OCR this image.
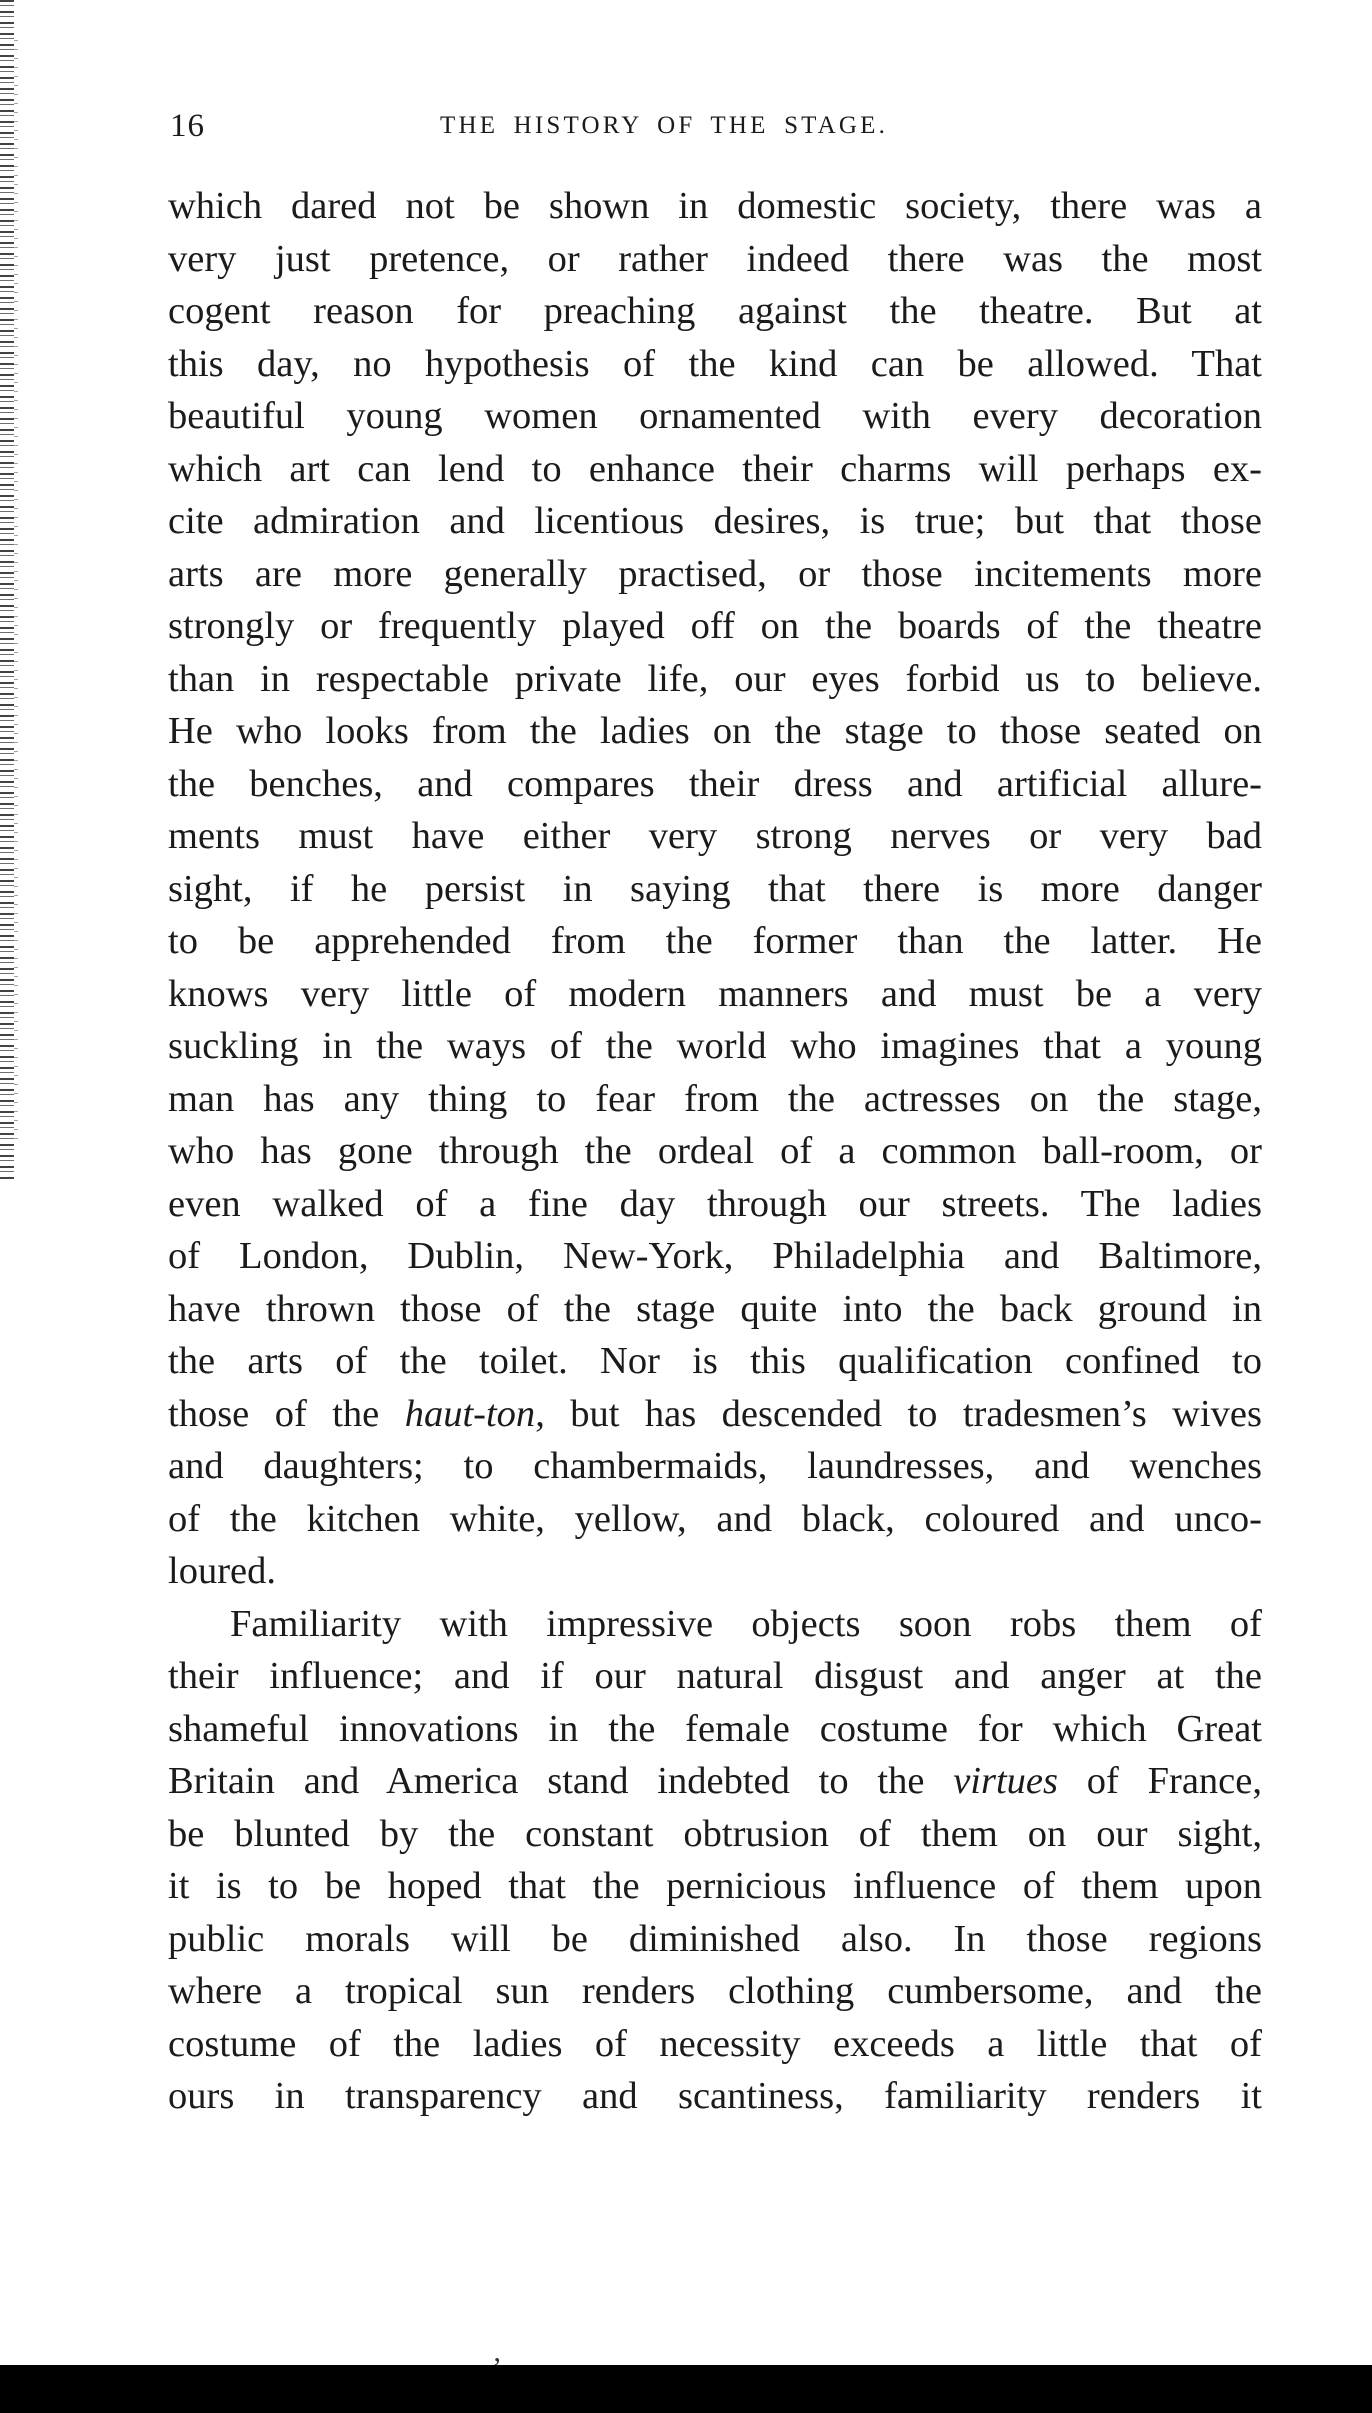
16	THE HISTORY OF THE STAGE.
which dared not be shown in domestic society, there was a
very just pretence, or rather indeed there was the most
cogent reason for preaching against the theatre. But at
this day, no hypothesis of the kind can be allowed. That
beautiful young women ornamented with every decoration
which art can lend to enhance their charms will perhaps ex-
cite admiration and licentious desires, is true; but that those
arts are more generally practised, or those incitements more
strongly or frequently played off on the boards of the theatre
than in respectable private life, our eyes forbid us to believe.
He who looks from the ladies on the stage to those seated on
the benches, and compares their dress and artificial allure-
ments must have either very strong nerves or very bad
sight, if he persist in saying that there is more danger
to be apprehended from the former than the latter. He
knows very little of modern manners and must be a very
suckling in the ways of the world who imagines that a young
man has any thing to fear from the actresses on the stage,
who has gone through the ordeal of a common ball-room, or
even walked of a fine day through our streets. The ladies
of London, Dublin, New-York, Philadelphia and Baltimore,
have thrown those of the stage quite into the back ground in
the arts of the toilet. Nor is this qualification confined to
those of the haut-ton, but has descended to tradesmen’s wives
and daughters; to chambermaids, laundresses, and wenches
of the kitchen white, yellow, and black, coloured and unco-
loured.
Familiarity with impressive objects soon robs them of
their influence; and if our natural disgust and anger at the
shameful innovations in the female costume for which Great
Britain and America stand indebted to the virtues of France,
be blunted by the constant obtrusion of them on our sight,
it is to be hoped that the pernicious influence of them upon
public morals will be diminished also. In those regions
where a tropical sun renders clothing cumbersome, and the
costume of the ladies of necessity exceeds a little that of
ours in transparency and scantiness, familiarity renders it
